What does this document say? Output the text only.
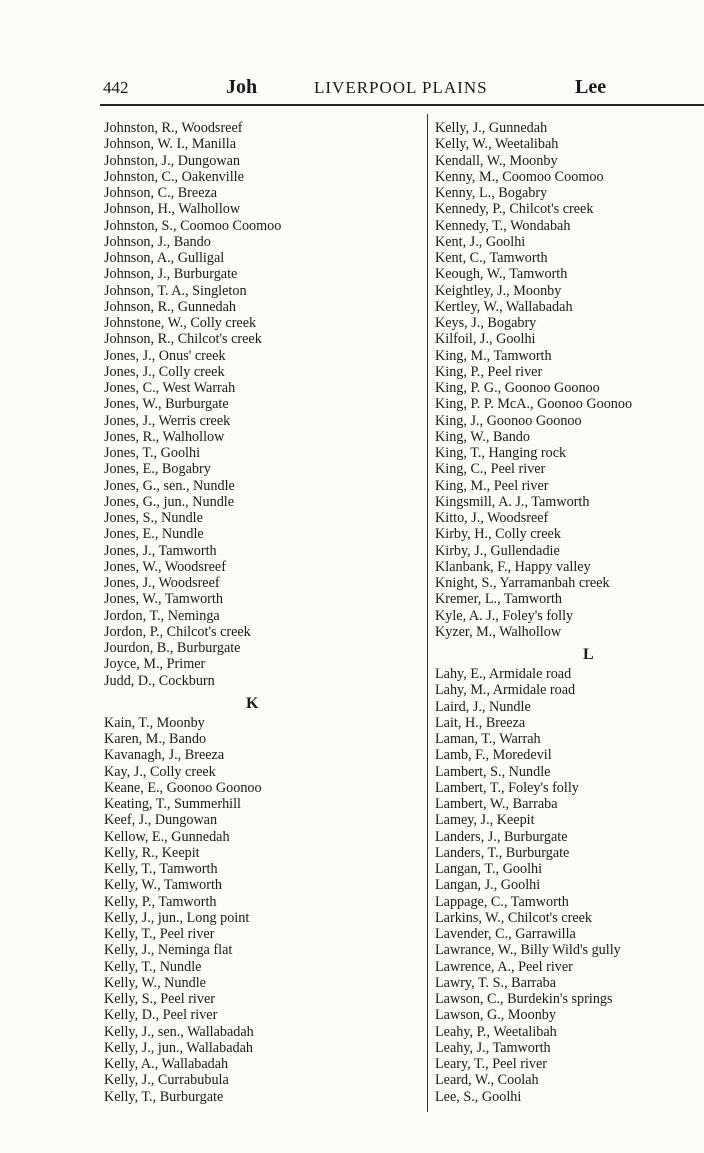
442	Joh	LIVERPOOL PLAINS	Lee
Johnston, R., Woodsreef
Johnson, W. I., Manilla
Johnston, J., Dungowan
Johnston, C., Oakenville
Johnson, C., Breeza
Johnson, H., Walhollow
Johnston, S., Coomoo Coomoo
Johnson, J., Bando
Johnson, A., Gulligal
Johnson, J., Burburgate
Johnson, T. A., Singleton
Johnson, R., Gunnedah
Johnstone, W., Colly creek
Johnson, R., Chilcot's creek
Jones, J., Onus' creek
Jones, J., Colly creek
Jones, C., West Warrah
Jones, W., Burburgate
Jones, J., Werris creek
Jones, R., Walhollow
Jones, T., Goolhi
Jones, E., Bogabry
Jones, G., sen., Nundle
Jones, G., jun., Nundle
Jones, S., Nundle
Jones, E., Nundle
Jones, J., Tamworth
Jones, W., Woodsreef
Jones, J., Woodsreef
Jones, W., Tamworth
Jordon, T., Neminga
Jordon, P., Chilcot's creek
Jourdon, B., Burburgate
Joyce, M., Primer
Judd, D., Cockburn
K
Kain, T., Moonby
Karen, M., Bando
Kavanagh, J., Breeza
Kay, J., Colly creek
Keane, E., Goonoo Goonoo
Keating, T., Summerhill
Keef, J., Dungowan
Kellow, E., Gunnedah
Kelly, R., Keepit
Kelly, T., Tamworth
Kelly, W., Tamworth
Kelly, P., Tamworth
Kelly, J., jun., Long point
Kelly, T., Peel river
Kelly, J., Neminga flat
Kelly, T., Nundle
Kelly, W., Nundle
Kelly, S., Peel river
Kelly, D., Peel river
Kelly, J., sen., Wallabadah
Kelly, J., jun., Wallabadah
Kelly, A., Wallabadah
Kelly, J., Currabubula
Kelly, T., Burburgate
Kelly, J., Gunnedah
Kelly, W., Weetalibah
Kendall, W., Moonby
Kenny, M., Coomoo Coomoo
Kenny, L., Bogabry
Kennedy, P., Chilcot's creek
Kennedy, T., Wondabah
Kent, J., Goolhi
Kent, C., Tamworth
Keough, W., Tamworth
Keightley, J., Moonby
Kertley, W., Wallabadah
Keys, J., Bogabry
Kilfoil, J., Goolhi
King, M., Tamworth
King, P., Peel river
King, P. G., Goonoo Goonoo
King, P. P. McA., Goonoo Goonoo
King, J., Goonoo Goonoo
King, W., Bando
King, T., Hanging rock
King, C., Peel river
King, M., Peel river
Kingsmill, A. J., Tamworth
Kitto, J., Woodsreef
Kirby, H., Colly creek
Kirby, J., Gullendadie
Klanbank, F., Happy valley
Knight, S., Yarramanbah creek
Kremer, L., Tamworth
Kyle, A. J., Foley's folly
Kyzer, M., Walhollow
L
Lahy, E., Armidale road
Lahy, M., Armidale road
Laird, J., Nundle
Lait, H., Breeza
Laman, T., Warrah
Lamb, F., Moredevil
Lambert, S., Nundle
Lambert, T., Foley's folly
Lambert, W., Barraba
Lamey, J., Keepit
Landers, J., Burburgate
Landers, T., Burburgate
Langan, T., Goolhi
Langan, J., Goolhi
Lappage, C., Tamworth
Larkins, W., Chilcot's creek
Lavender, C., Garrawilla
Lawrance, W., Billy Wild's gully
Lawrence, A., Peel river
Lawry, T. S., Barraba
Lawson, C., Burdekin's springs
Lawson, G., Moonby
Leahy, P., Weetalibah
Leahy, J., Tamworth
Leary, T., Peel river
Leard, W., Coolah
Lee, S., Goolhi
